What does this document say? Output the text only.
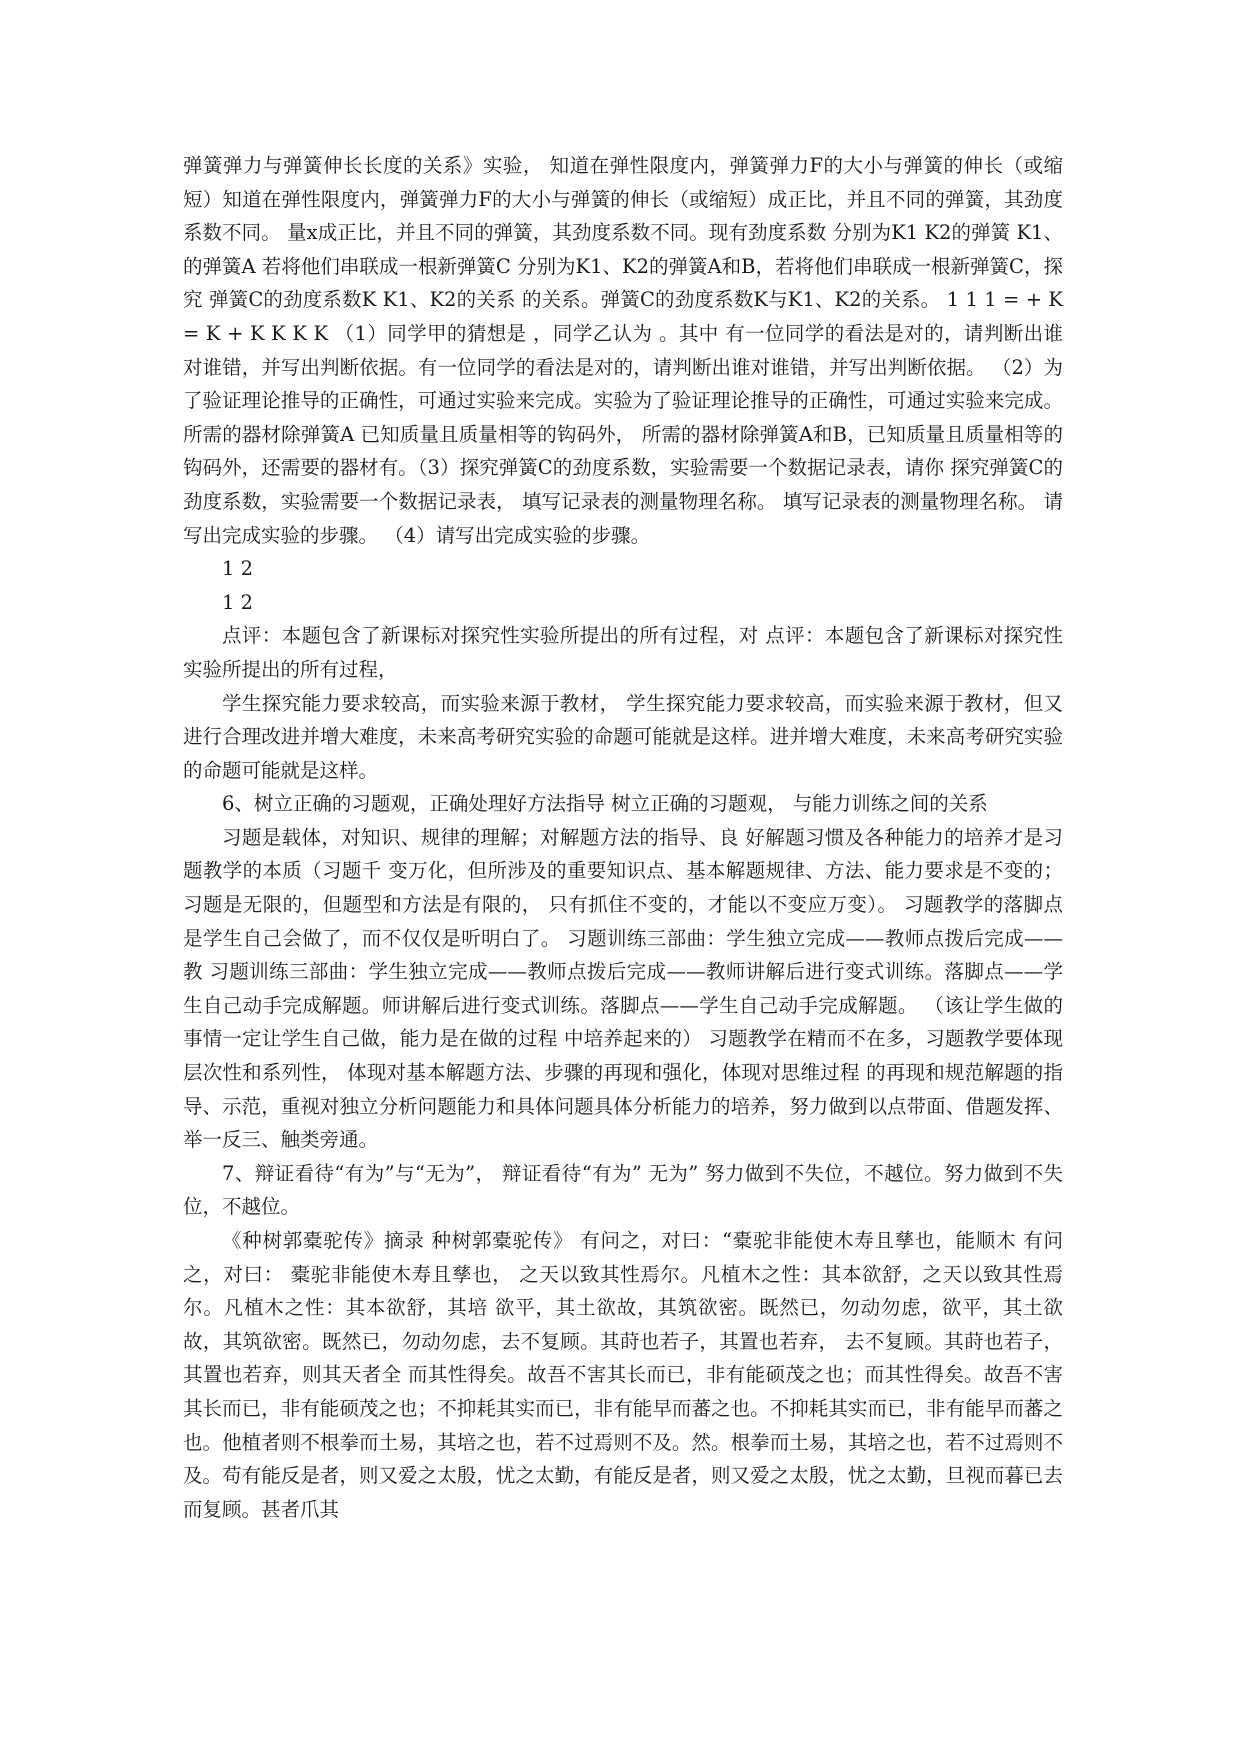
弹簧弹力与弹簧伸长长度的关系》实验， 知道在弹性限度内，弹簧弹力F的大小与弹簧的伸长（或缩短）知道在弹性限度内，弹簧弹力F的大小与弹簧的伸长（或缩短）成正比，并且不同的弹簧，其劲度系数不同。 量x成正比，并且不同的弹簧，其劲度系数不同。现有劲度系数 分别为K1 K2的弹簧 K1、 的弹簧A 若将他们串联成一根新弹簧C 分别为K1、K2的弹簧A和B，若将他们串联成一根新弹簧C，探究 弹簧C的劲度系数K K1、K2的关系 的关系。弹簧C的劲度系数K与K1、K2的关系。 1 1 1 = + K = K + K K K K （1）同学甲的猜想是 ，同学乙认为 。其中 有一位同学的看法是对的，请判断出谁对谁错，并写出判断依据。有一位同学的看法是对的，请判断出谁对谁错，并写出判断依据。 （2）为了验证理论推导的正确性，可通过实验来完成。实验为了验证理论推导的正确性，可通过实验来完成。所需的器材除弹簧A 已知质量且质量相等的钩码外， 所需的器材除弹簧A和B，已知质量且质量相等的钩码外，还需要的器材有。（3）探究弹簧C的劲度系数，实验需要一个数据记录表，请你 探究弹簧C的劲度系数，实验需要一个数据记录表， 填写记录表的测量物理名称。 填写记录表的测量物理名称。 请写出完成实验的步骤。 （4）请写出完成实验的步骤。

1 2

1 2

点评：本题包含了新课标对探究性实验所提出的所有过程，对 点评：本题包含了新课标对探究性实验所提出的所有过程，

学生探究能力要求较高，而实验来源于教材， 学生探究能力要求较高，而实验来源于教材，但又进行合理改进并增大难度，未来高考研究实验的命题可能就是这样。进并增大难度，未来高考研究实验的命题可能就是这样。

6、树立正确的习题观，正确处理好方法指导 树立正确的习题观， 与能力训练之间的关系

习题是载体，对知识、规律的理解；对解题方法的指导、良 好解题习惯及各种能力的培养才是习题教学的本质（习题千 变万化，但所涉及的重要知识点、基本解题规律、方法、能力要求是不变的；习题是无限的，但题型和方法是有限的， 只有抓住不变的，才能以不变应万变）。 习题教学的落脚点是学生自己会做了，而不仅仅是听明白了。 习题训练三部曲：学生独立完成——教师点拨后完成——教 习题训练三部曲：学生独立完成——教师点拨后完成——教师讲解后进行变式训练。落脚点——学生自己动手完成解题。师讲解后进行变式训练。落脚点——学生自己动手完成解题。 （该让学生做的事情一定让学生自己做，能力是在做的过程 中培养起来的） 习题教学在精而不在多，习题教学要体现层次性和系列性， 体现对基本解题方法、步骤的再现和强化，体现对思维过程 的再现和规范解题的指导、示范，重视对独立分析问题能力和具体问题具体分析能力的培养，努力做到以点带面、借题发挥、举一反三、触类旁通。

7、辩证看待“有为”与“无为”， 辩证看待“有为” 无为” 努力做到不失位，不越位。努力做到不失位，不越位。

《种树郭橐驼传》摘录 种树郭橐驼传》 有问之，对曰：“橐驼非能使木寿且孳也，能顺木 有问之，对曰： 橐驼非能使木寿且孳也， 之天以致其性焉尔。凡植木之性：其本欲舒，之天以致其性焉尔。凡植木之性：其本欲舒，其培 欲平，其土欲故，其筑欲密。既然已，勿动勿虑，欲平，其土欲故，其筑欲密。既然已，勿动勿虑，去不复顾。其莳也若子，其置也若弃， 去不复顾。其莳也若子，其置也若弃，则其天者全 而其性得矣。故吾不害其长而已，非有能硕茂之也；而其性得矣。故吾不害其长而已，非有能硕茂之也；不抑耗其实而已，非有能早而蕃之也。不抑耗其实而已，非有能早而蕃之也。他植者则不根拳而土易，其培之也，若不过焉则不及。然。根拳而土易，其培之也，若不过焉则不及。苟有能反是者，则又爱之太殷，忧之太勤，有能反是者，则又爱之太殷，忧之太勤，旦视而暮已去而复顾。甚者爪其
